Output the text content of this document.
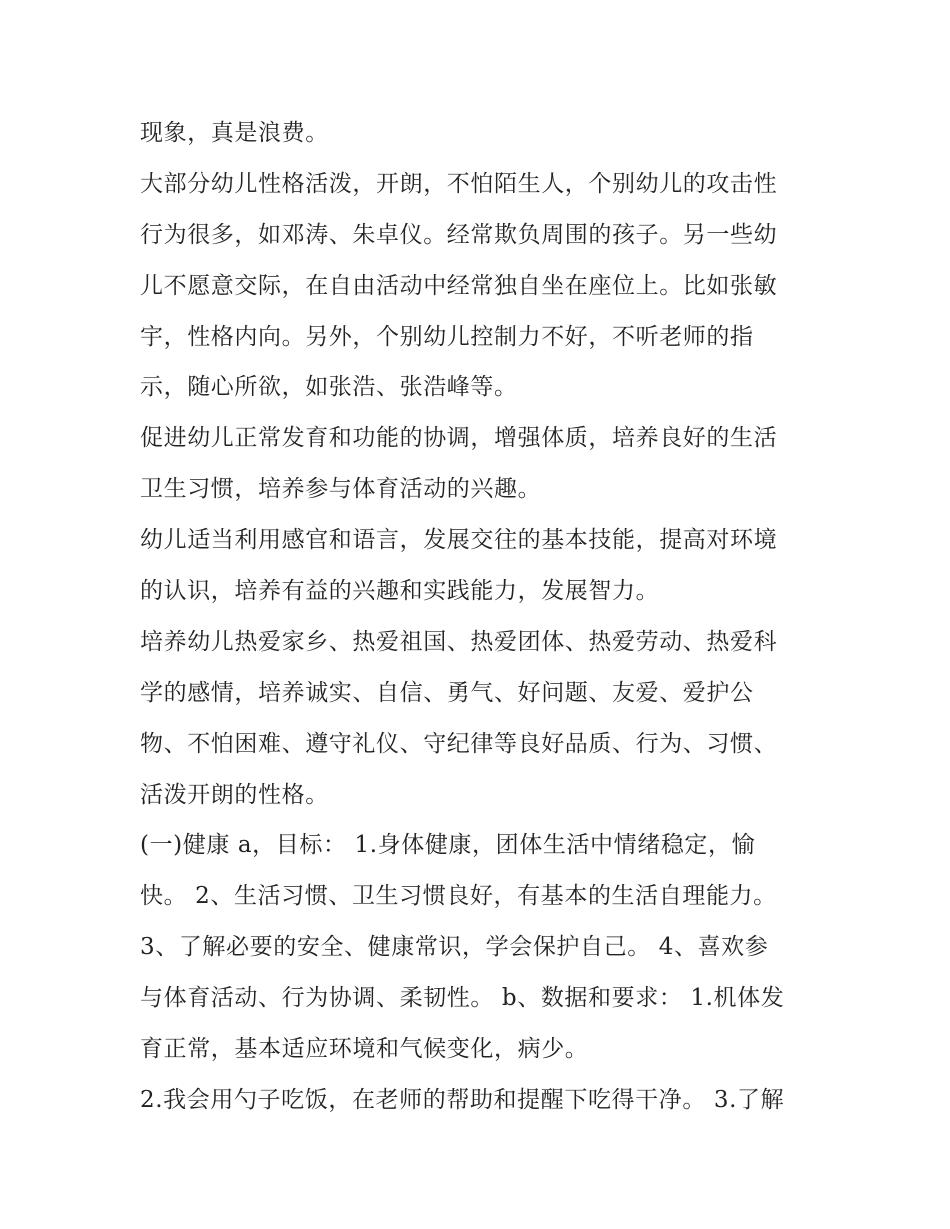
现象，真是浪费。
大部分幼儿性格活泼，开朗，不怕陌生人，个别幼儿的攻击性
行为很多，如邓涛、朱卓仪。经常欺负周围的孩子。另一些幼
儿不愿意交际，在自由活动中经常独自坐在座位上。比如张敏
宇，性格内向。另外，个别幼儿控制力不好，不听老师的指
示，随心所欲，如张浩、张浩峰等。
促进幼儿正常发育和功能的协调，增强体质，培养良好的生活
卫生习惯，培养参与体育活动的兴趣。
幼儿适当利用感官和语言，发展交往的基本技能，提高对环境
的认识，培养有益的兴趣和实践能力，发展智力。
培养幼儿热爱家乡、热爱祖国、热爱团体、热爱劳动、热爱科
学的感情，培养诚实、自信、勇气、好问题、友爱、爱护公
物、不怕困难、遵守礼仪、守纪律等良好品质、行为、习惯、
活泼开朗的性格。
(一)健康 a，目标： 1.身体健康，团体生活中情绪稳定，愉
快。 2、生活习惯、卫生习惯良好，有基本的生活自理能力。
3、了解必要的安全、健康常识，学会保护自己。 4、喜欢参
与体育活动、行为协调、柔韧性。 b、数据和要求： 1.机体发
育正常，基本适应环境和气候变化，病少。
2.我会用勺子吃饭，在老师的帮助和提醒下吃得干净。 3.了解
